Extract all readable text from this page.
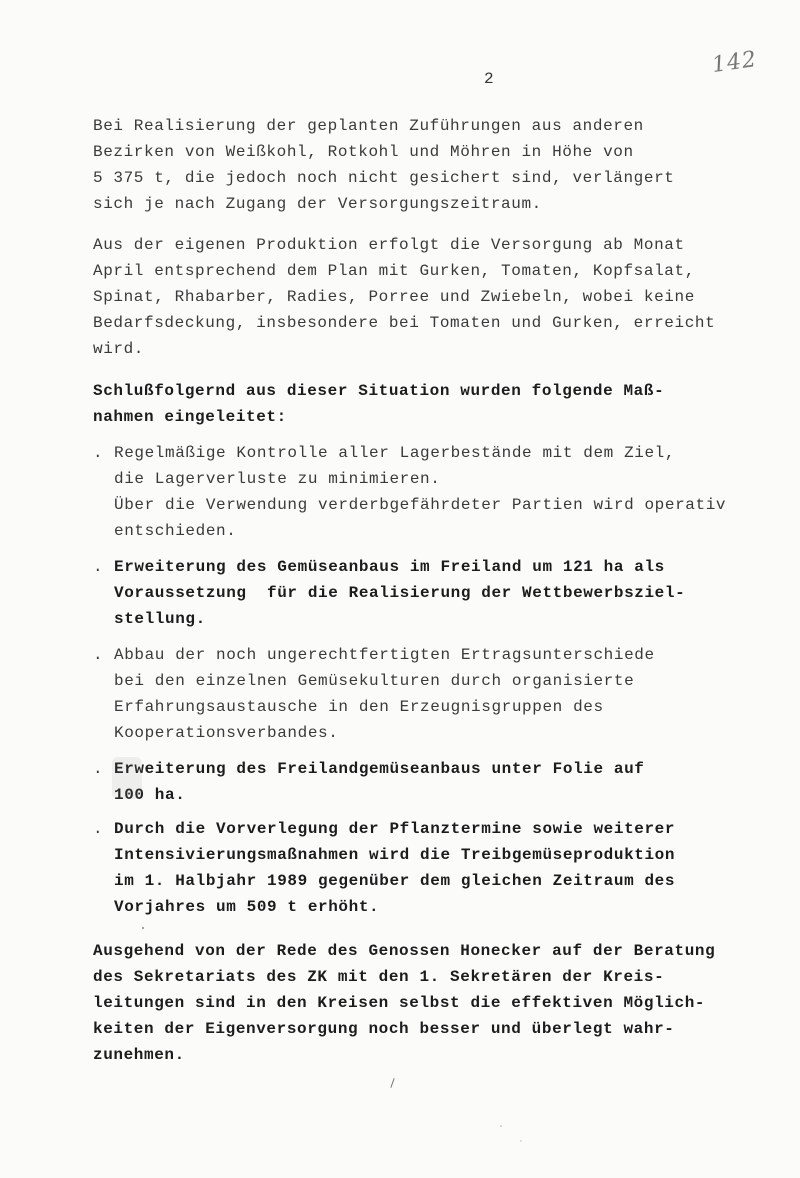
142
2
Bei Realisierung der geplanten Zuführungen aus anderen
Bezirken von Weißkohl, Rotkohl und Möhren in Höhe von
5 375 t, die jedoch noch nicht gesichert sind, verlängert
sich je nach Zugang der Versorgungszeitraum.
Aus der eigenen Produktion erfolgt die Versorgung ab Monat
April entsprechend dem Plan mit Gurken, Tomaten, Kopfsalat,
Spinat, Rhabarber, Radies, Porree und Zwiebeln, wobei keine
Bedarfsdeckung, insbesondere bei Tomaten und Gurken, erreicht
wird.
Schlußfolgernd aus dieser Situation wurden folgende Maß-
nahmen eingeleitet:

.

Regelmäßige Kontrolle aller Lagerbestände mit dem Ziel,
die Lagerverluste zu minimieren.
Über die Verwendung verderbgefährdeter Partien wird operativ
entschieden.

.

Erweiterung des Gemüseanbaus im Freiland um 121 ha als
Voraussetzung  für die Realisierung der Wettbewerbsziel-
stellung.

.

Abbau der noch ungerechtfertigten Ertragsunterschiede
bei den einzelnen Gemüsekulturen durch organisierte
Erfahrungsaustausche in den Erzeugnisgruppen des
Kooperationsverbandes.

.

Erweiterung des Freilandgemüseanbaus unter Folie auf
100 ha.

.

Durch die Vorverlegung der Pflanztermine sowie weiterer
Intensivierungsmaßnahmen wird die Treibgemüseproduktion
im 1. Halbjahr 1989 gegenüber dem gleichen Zeitraum des
Vorjahres um 509 t erhöht.

Ausgehend von der Rede des Genossen Honecker auf der Beratung
des Sekretariats des ZK mit den 1. Sekretären der Kreis-
leitungen sind in den Kreisen selbst die effektiven Möglich-
keiten der Eigenversorgung noch besser und überlegt wahr-
zunehmen.
